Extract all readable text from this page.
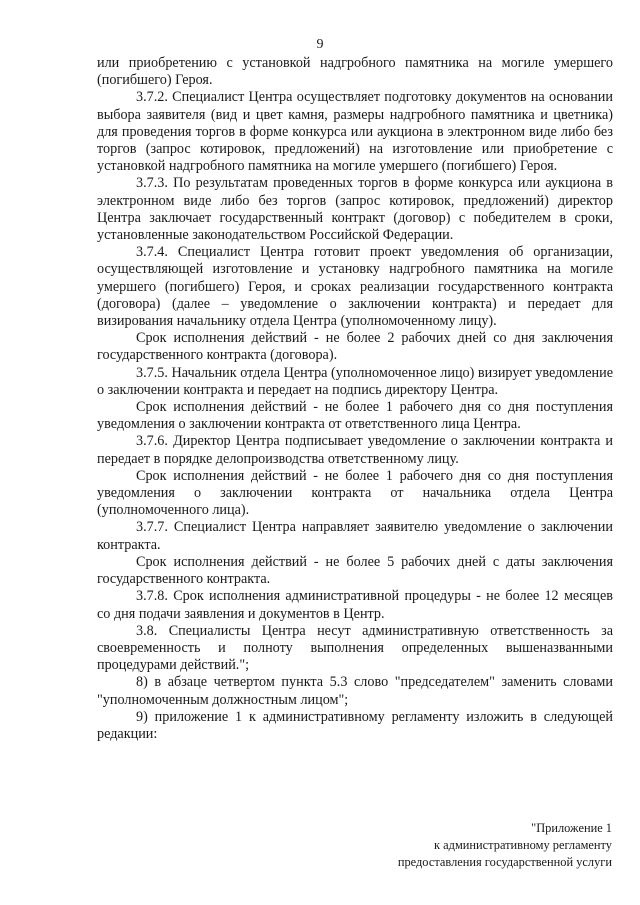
9

или приобретению с установкой надгробного памятника на могиле умершего (погибшего) Героя.

3.7.2. Специалист Центра осуществляет подготовку документов на основании выбора заявителя (вид и цвет камня, размеры надгробного памятника и цветника) для проведения торгов в форме конкурса или аукциона в электронном виде либо без торгов (запрос котировок, предложений) на изготовление или приобретение с установкой надгробного памятника на могиле умершего (погибшего) Героя.

3.7.3. По результатам проведенных торгов в форме конкурса или аукциона в электронном виде либо без торгов (запрос котировок, предложений) директор Центра заключает государственный контракт (договор) с победителем в сроки, установленные законодательством Российской Федерации.

3.7.4. Специалист Центра готовит проект уведомления об организации, осуществляющей изготовление и установку надгробного памятника на могиле умершего (погибшего) Героя, и сроках реализации государственного контракта (договора) (далее – уведомление о заключении контракта) и передает для визирования начальнику отдела Центра (уполномоченному лицу).

Срок исполнения действий - не более 2 рабочих дней со дня заключения государственного контракта (договора).

3.7.5. Начальник отдела Центра (уполномоченное лицо) визирует уведомление о заключении контракта и передает на подпись директору Центра.

Срок исполнения действий - не более 1 рабочего дня со дня поступления уведомления о заключении контракта от ответственного лица Центра.

3.7.6. Директор Центра подписывает уведомление о заключении контракта и передает в порядке делопроизводства ответственному лицу.

Срок исполнения действий - не более 1 рабочего дня со дня поступления уведомления о заключении контракта от начальника отдела Центра (уполномоченного лица).

3.7.7. Специалист Центра направляет заявителю уведомление о заключении контракта.

Срок исполнения действий - не более 5 рабочих дней с даты заключения государственного контракта.

3.7.8. Срок исполнения административной процедуры - не более 12 месяцев со дня подачи заявления и документов в Центр.

3.8. Специалисты Центра несут административную ответственность за своевременность и полноту выполнения определенных вышеназванными процедурами действий.";

8) в абзаце четвертом пункта 5.3 слово "председателем" заменить словами "уполномоченным должностным лицом";

9) приложение 1 к административному регламенту изложить в следующей редакции:

"Приложение 1
к административному регламенту
предоставления государственной услуги
